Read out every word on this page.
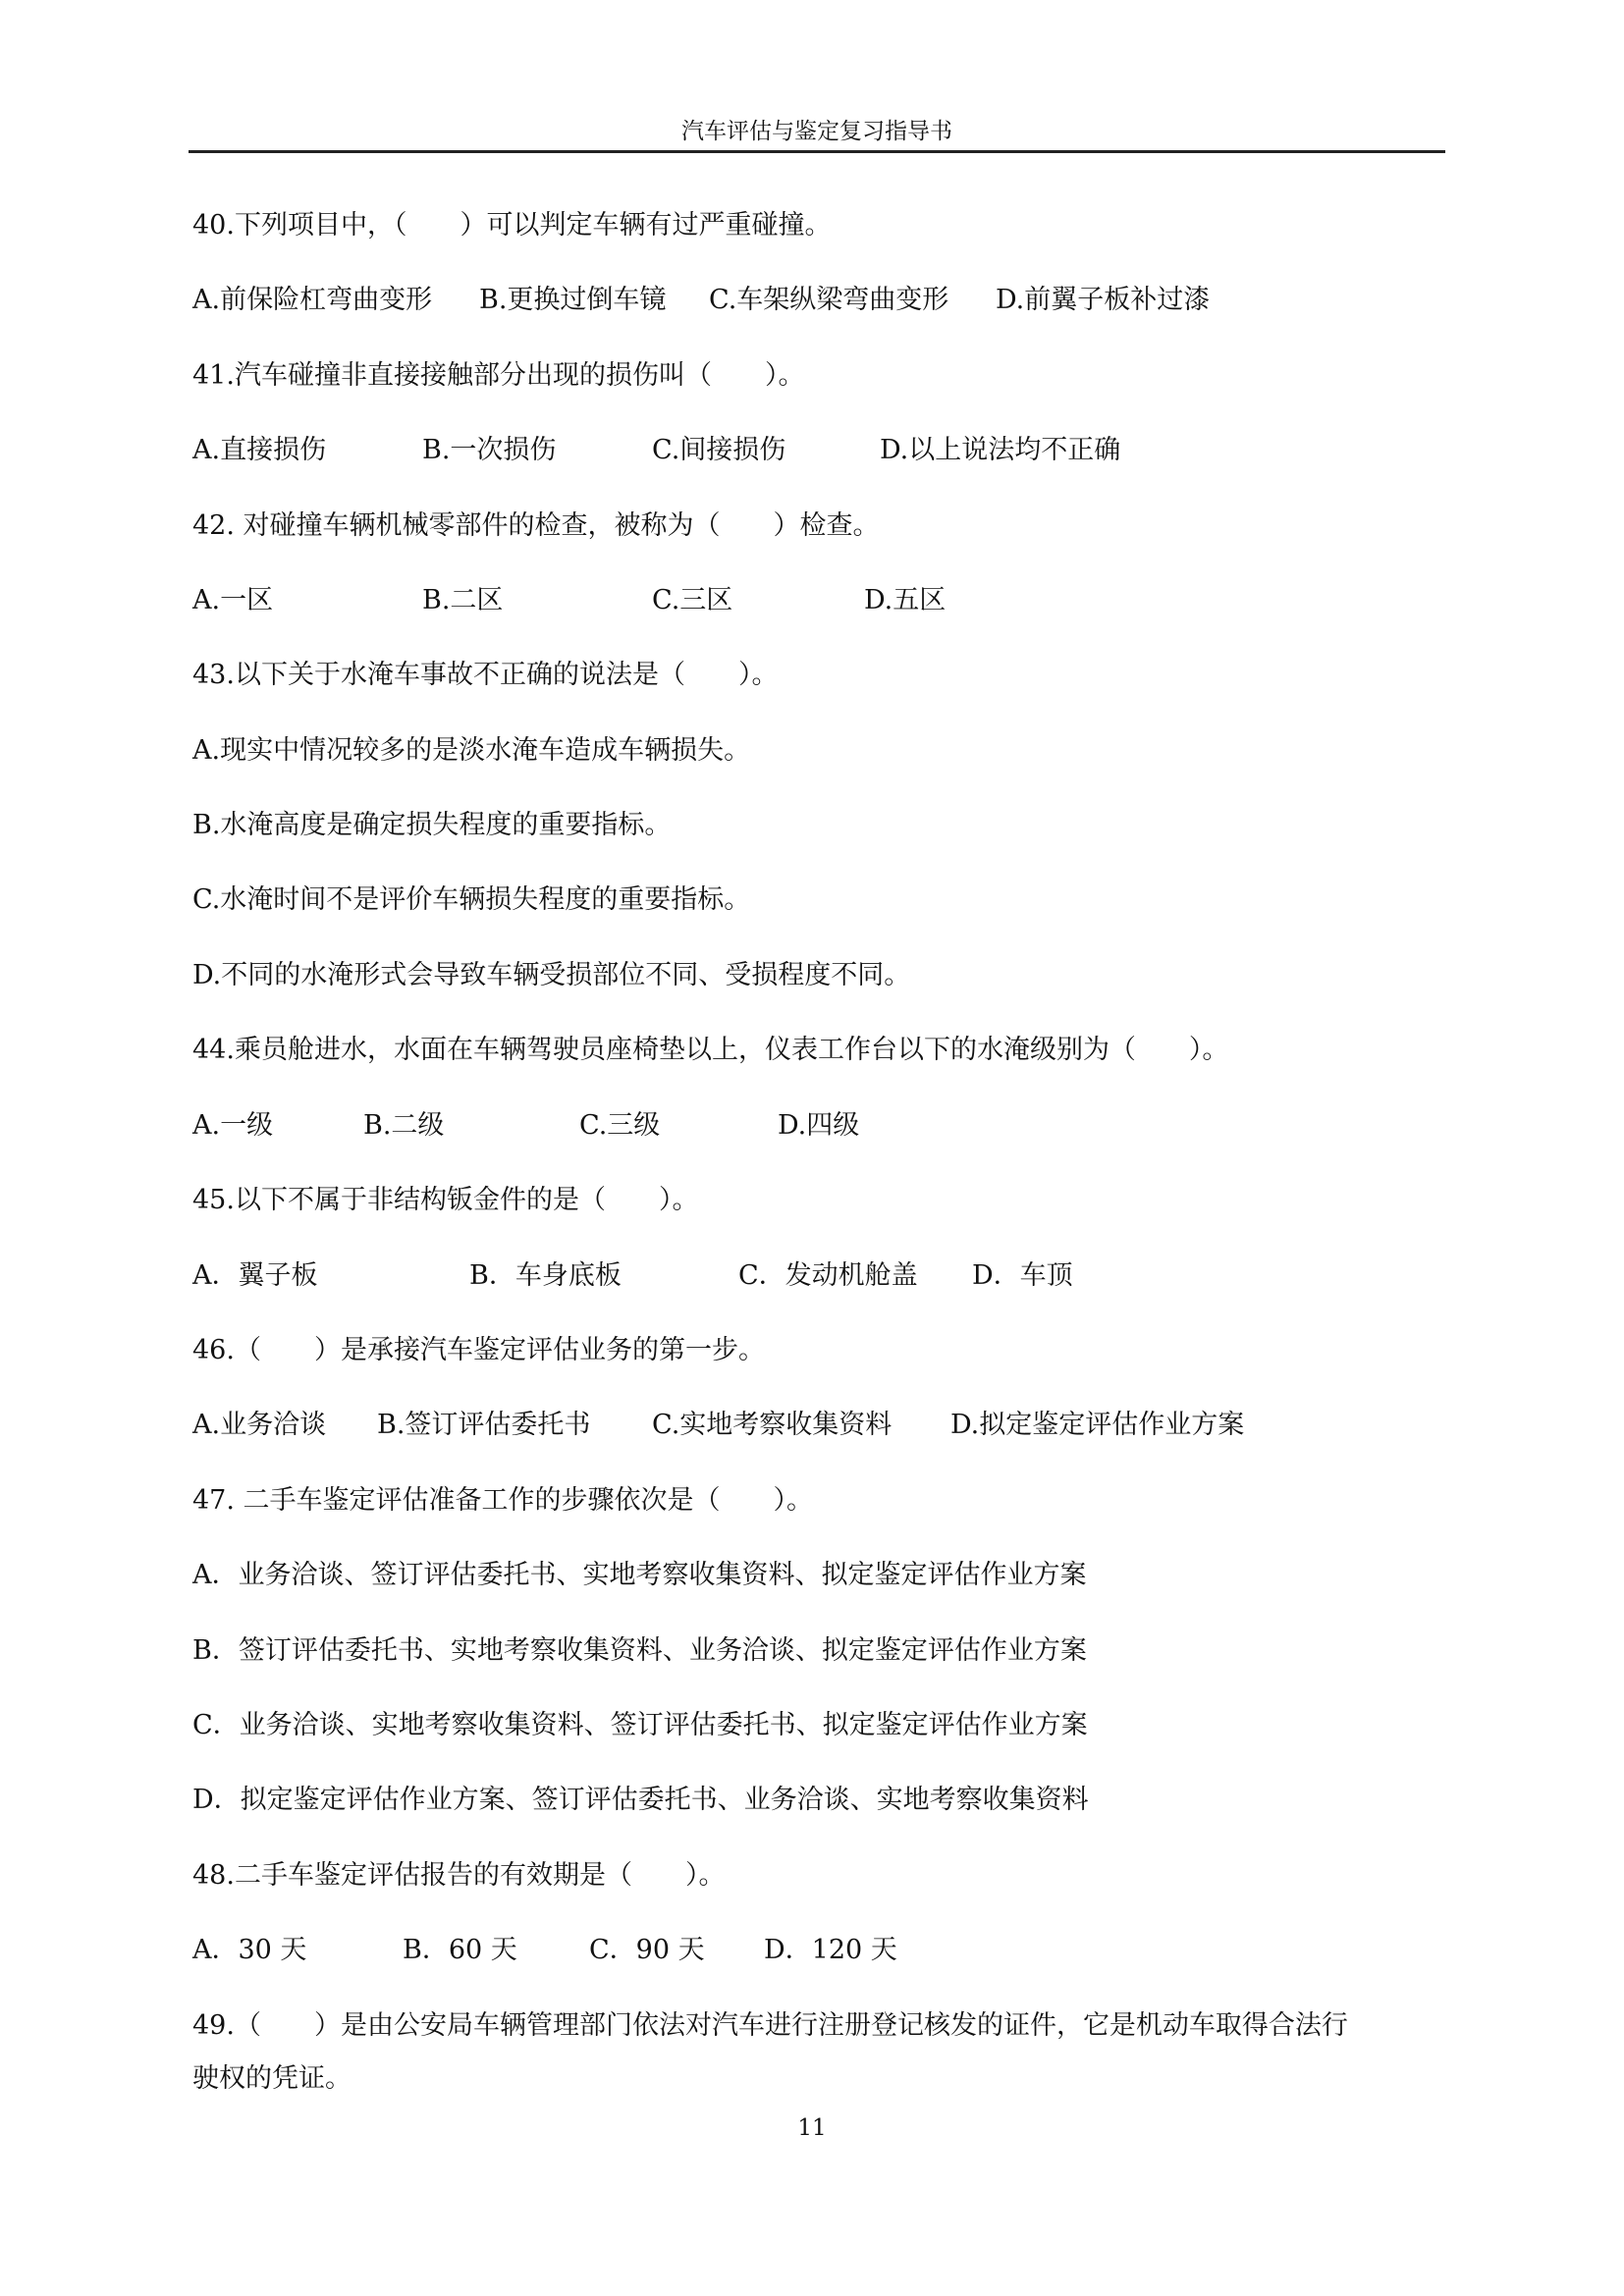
汽车评估与鉴定复习指导书
40.下列项目中，（　　）可以判定车辆有过严重碰撞。
A.前保险杠弯曲变形 B.更换过倒车镜 C.车架纵梁弯曲变形 D.前翼子板补过漆
41.汽车碰撞非直接接触部分出现的损伤叫（　　）。
A.直接损伤	B.一次损伤	C.间接损伤	D.以上说法均不正确
42. 对碰撞车辆机械零部件的检查，被称为（　　）检查。
A.一区	B.二区	C.三区	D.五区
43.以下关于水淹车事故不正确的说法是（　　）。
A.现实中情况较多的是淡水淹车造成车辆损失。
B.水淹高度是确定损失程度的重要指标。
C.水淹时间不是评价车辆损失程度的重要指标。
D.不同的水淹形式会导致车辆受损部位不同、受损程度不同。
44.乘员舱进水，水面在车辆驾驶员座椅垫以上，仪表工作台以下的水淹级别为（　　）。
A.一级	B.二级	C.三级	D.四级
45.以下不属于非结构钣金件的是（　　）。
A．翼子板	B．车身底板	C．发动机舱盖 D．车顶
46.（　　）是承接汽车鉴定评估业务的第一步。
A.业务洽谈 B.签订评估委托书 C.实地考察收集资料 D.拟定鉴定评估作业方案
47. 二手车鉴定评估准备工作的步骤依次是（　　）。
A．业务洽谈、签订评估委托书、实地考察收集资料、拟定鉴定评估作业方案
B．签订评估委托书、实地考察收集资料、业务洽谈、拟定鉴定评估作业方案
C．业务洽谈、实地考察收集资料、签订评估委托书、拟定鉴定评估作业方案
D．拟定鉴定评估作业方案、签订评估委托书、业务洽谈、实地考察收集资料
48.二手车鉴定评估报告的有效期是（　　）。
A．30 天	B．60 天	C．90 天 D．120 天
49.（　　）是由公安局车辆管理部门依法对汽车进行注册登记核发的证件，它是机动车取得合法行
驶权的凭证。
11
